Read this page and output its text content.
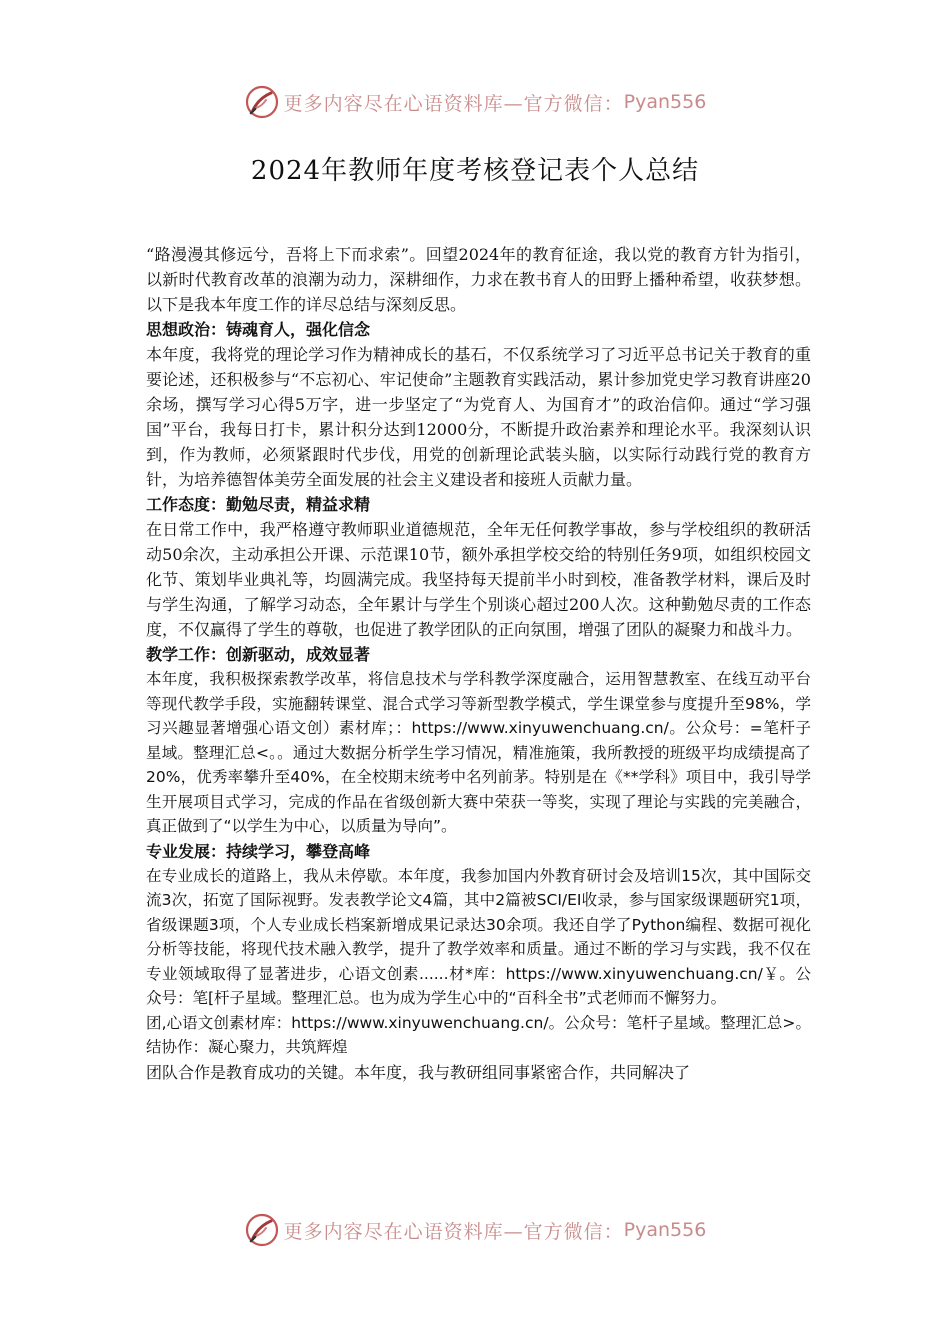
更多内容尽在心语资料库—官方微信： Pyan556
2024年教师年度考核登记表个人总结

“路漫漫其修远兮，吾将上下而求索”。回望2024年的教育征途，我以党的教育方针为指引，以新时代教育改革的浪潮为动力，深耕细作，力求在教书育人的田野上播种希望，收获梦想。以下是我本年度工作的详尽总结与深刻反思。

思想政治：铸魂育人，强化信念

本年度，我将党的理论学习作为精神成长的基石，不仅系统学习了习近平总书记关于教育的重要论述，还积极参与“不忘初心、牢记使命”主题教育实践活动，累计参加党史学习教育讲座20余场，撰写学习心得5万字，进一步坚定了“为党育人、为国育才”的政治信仰。通过“学习强国”平台，我每日打卡，累计积分达到12000分，不断提升政治素养和理论水平。我深刻认识到，作为教师，必须紧跟时代步伐，用党的创新理论武装头脑，以实际行动践行党的教育方针，为培养德智体美劳全面发展的社会主义建设者和接班人贡献力量。

工作态度：勤勉尽责，精益求精

在日常工作中，我严格遵守教师职业道德规范，全年无任何教学事故，参与学校组织的教研活动50余次，主动承担公开课、示范课10节，额外承担学校交给的特别任务9项，如组织校园文化节、策划毕业典礼等，均圆满完成。我坚持每天提前半小时到校，准备教学材料，课后及时与学生沟通，了解学习动态，全年累计与学生个别谈心超过200人次。这种勤勉尽责的工作态度，不仅赢得了学生的尊敬，也促进了教学团队的正向氛围，增强了团队的凝聚力和战斗力。

教学工作：创新驱动，成效显著

本年度，我积极探索教学改革，将信息技术与学科教学深度融合，运用智慧教室、在线互动平台等现代教学手段，实施翻转课堂、混合式学习等新型教学模式，学生课堂参与度提升至98%，学习兴趣显著增强心语文创）素材库；：https://www.xinyuwenchuang.cn/。公众号：=笔杆子星域。整理汇总<。。通过大数据分析学生学习情况，精准施策，我所教授的班级平均成绩提高了20%，优秀率攀升至40%，在全校期末统考中名列前茅。特别是在《**学科》项目中，我引导学生开展项目式学习，完成的作品在省级创新大赛中荣获一等奖，实现了理论与实践的完美融合，真正做到了“以学生为中心，以质量为导向”。

专业发展：持续学习，攀登高峰

在专业成长的道路上，我从未停歇。本年度，我参加国内外教育研讨会及培训15次，其中国际交流3次，拓宽了国际视野。发表教学论文4篇，其中2篇被SCI/EI收录，参与国家级课题研究1项，省级课题3项，个人专业成长档案新增成果记录达30余项。我还自学了Python编程、数据可视化分析等技能，将现代技术融入教学，提升了教学效率和质量。通过不断的学习与实践，我不仅在专业领域取得了显著进步，心语文创素......材*库：https://www.xinyuwenchuang.cn/￥。公众号：笔[杆子星域。整理汇总。也为成为学生心中的“百科全书”式老师而不懈努力。

团,心语文创素材库：https://www.xinyuwenchuang.cn/。公众号：笔杆子星域。整理汇总>。结协作：凝心聚力，共筑辉煌

团队合作是教育成功的关键。本年度，我与教研组同事紧密合作，共同解决了

更多内容尽在心语资料库—官方微信： Pyan556
